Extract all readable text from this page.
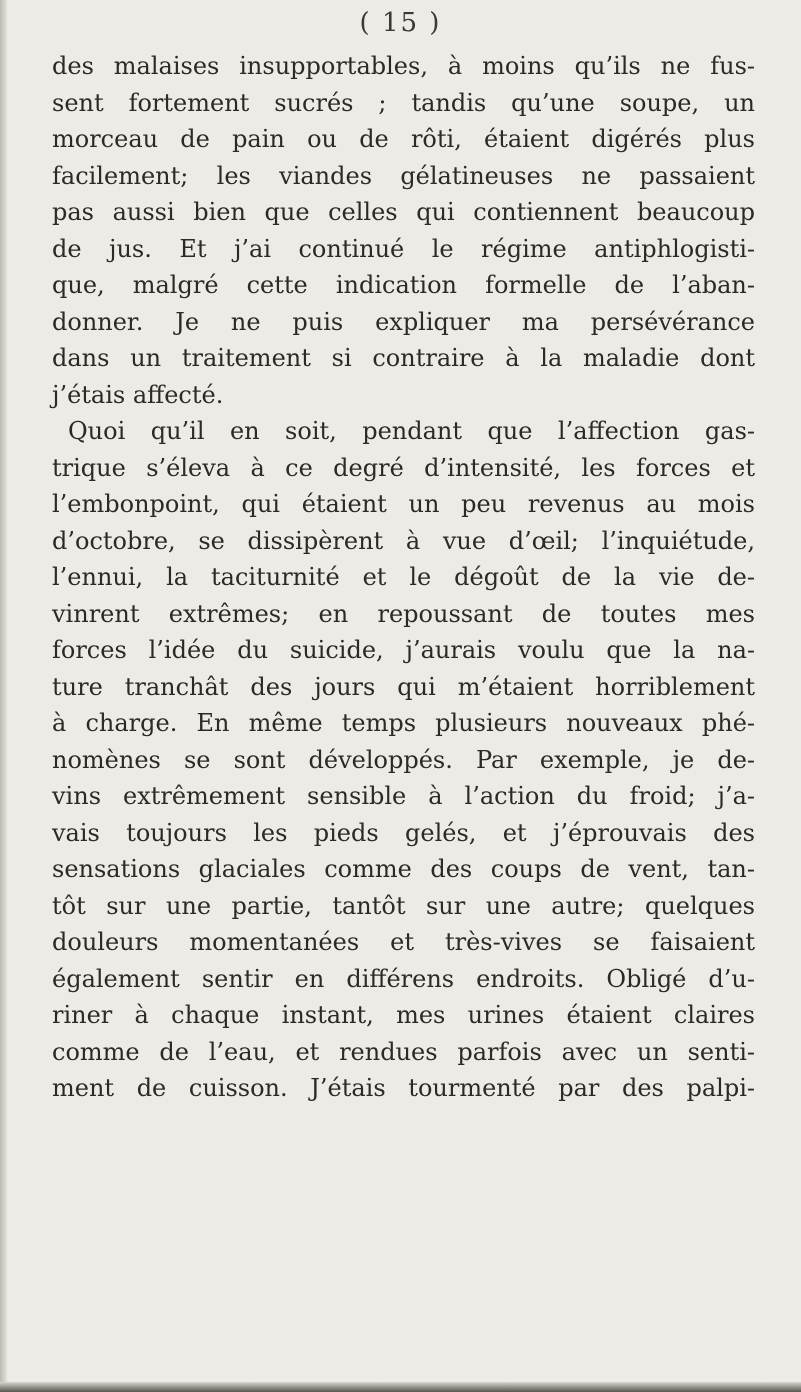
( 15 )
des malaises insupportables, à moins qu’ils ne fus-
sent fortement sucrés ; tandis qu’une soupe, un
morceau de pain ou de rôti, étaient digérés plus
facilement; les viandes gélatineuses ne passaient
pas aussi bien que celles qui contiennent beaucoup
de jus. Et j’ai continué le régime antiphlogisti-
que, malgré cette indication formelle de l’aban-
donner. Je ne puis expliquer ma persévérance
dans un traitement si contraire à la maladie dont
j’étais affecté.
Quoi qu’il en soit, pendant que l’affection gas-
trique s’éleva à ce degré d’intensité, les forces et
l’embonpoint, qui étaient un peu revenus au mois
d’octobre, se dissipèrent à vue d’œil; l’inquiétude,
l’ennui, la taciturnité et le dégoût de la vie de-
vinrent extrêmes; en repoussant de toutes mes
forces l’idée du suicide, j’aurais voulu que la na-
ture tranchât des jours qui m’étaient horriblement
à charge. En même temps plusieurs nouveaux phé-
nomènes se sont développés. Par exemple, je de-
vins extrêmement sensible à l’action du froid; j’a-
vais toujours les pieds gelés, et j’éprouvais des
sensations glaciales comme des coups de vent, tan-
tôt sur une partie, tantôt sur une autre; quelques
douleurs momentanées et très-vives se faisaient
également sentir en différens endroits. Obligé d’u-
riner à chaque instant, mes urines étaient claires
comme de l’eau, et rendues parfois avec un senti-
ment de cuisson. J’étais tourmenté par des palpi-
